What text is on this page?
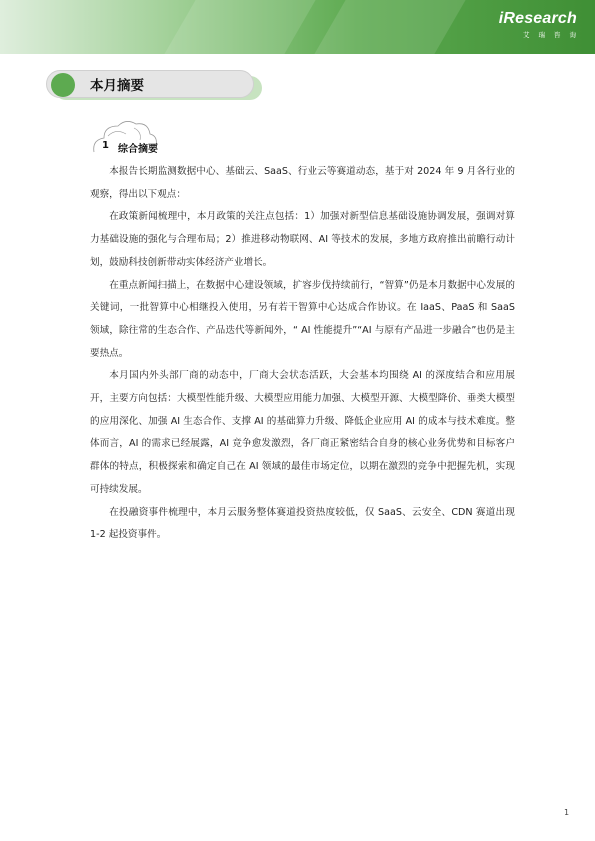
iResearch
艾瑞咨询
本月摘要
1 综合摘要

本报告长期监测数据中心、基础云、SaaS、行业云等赛道动态，基于对 2024 年 9 月各行业的观察，得出以下观点：

在政策新闻梳理中，本月政策的关注点包括：1）加强对新型信息基础设施协调发展，强调对算力基础设施的强化与合理布局；2）推进移动物联网、AI 等技术的发展，多地方政府推出前瞻行动计划，鼓励科技创新带动实体经济产业增长。

在重点新闻扫描上，在数据中心建设领域，扩容步伐持续前行，“智算”仍是本月数据中心发展的关键词，一批智算中心相继投入使用，另有若干智算中心达成合作协议。在 IaaS、PaaS 和 SaaS 领域，除往常的生态合作、产品迭代等新闻外，“ AI 性能提升”“AI 与原有产品进一步融合”也仍是主要热点。

本月国内外头部厂商的动态中，厂商大会状态活跃，大会基本均围绕 AI 的深度结合和应用展开，主要方向包括：大模型性能升级、大模型应用能力加强、大模型开源、大模型降价、垂类大模型的应用深化、加强 AI 生态合作、支撑 AI 的基础算力升级、降低企业应用 AI 的成本与技术难度。整体而言，AI 的需求已经展露，AI 竞争愈发激烈，各厂商正紧密结合自身的核心业务优势和目标客户群体的特点，积极探索和确定自己在 AI 领域的最佳市场定位，以期在激烈的竞争中把握先机，实现可持续发展。

在投融资事件梳理中，本月云服务整体赛道投资热度较低，仅 SaaS、云安全、CDN 赛道出现 1-2 起投资事件。

1
